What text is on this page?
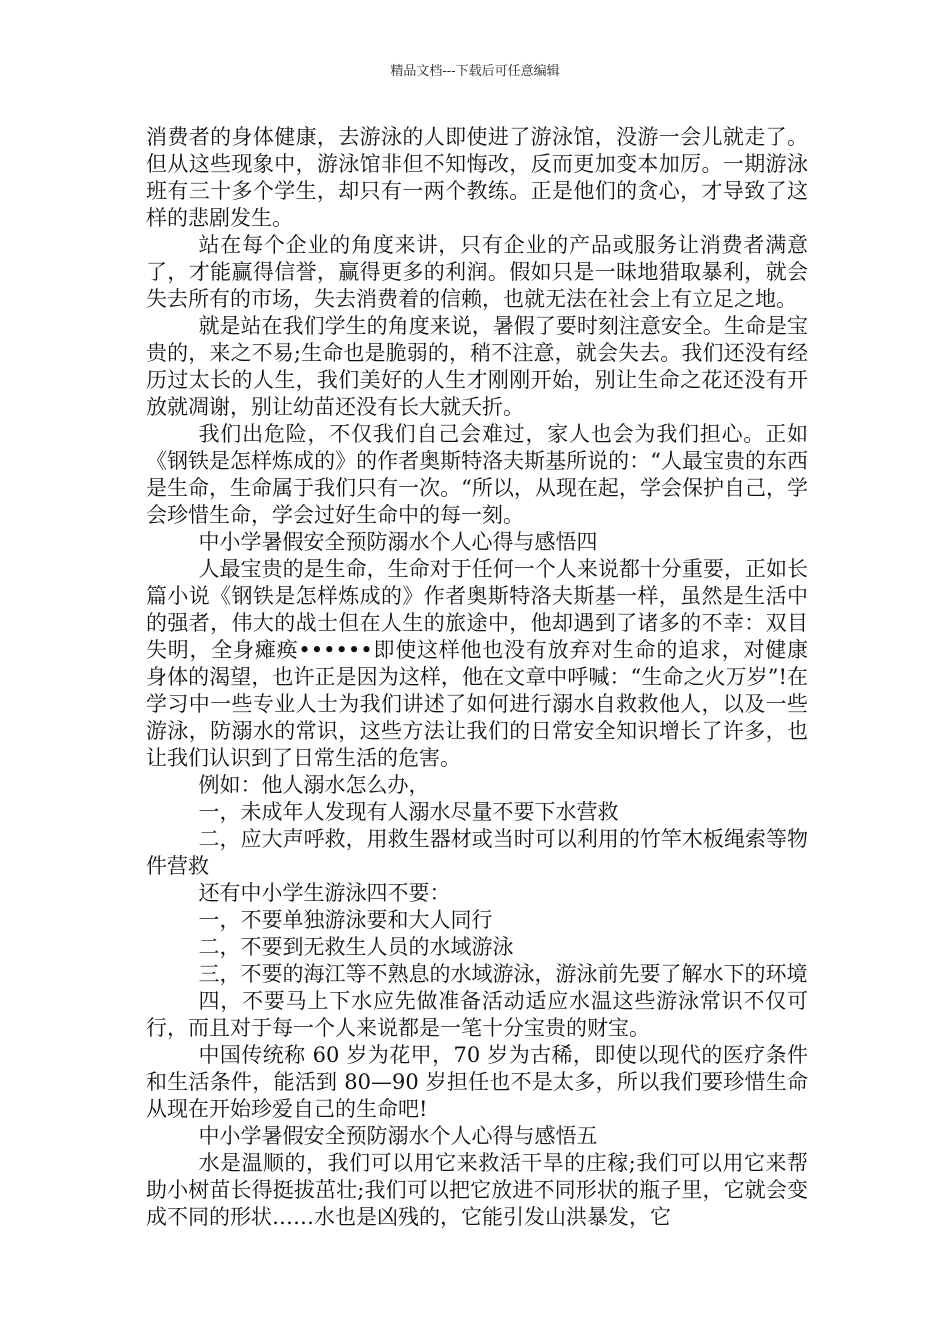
精品文档---下载后可任意编辑

消费者的身体健康，去游泳的人即使进了游泳馆，没游一会儿就走了。但从这些现象中，游泳馆非但不知悔改，反而更加变本加厉。一期游泳班有三十多个学生，却只有一两个教练。正是他们的贪心，才导致了这样的悲剧发生。

站在每个企业的角度来讲，只有企业的产品或服务让消费者满意了，才能赢得信誉，赢得更多的利润。假如只是一昧地猎取暴利，就会失去所有的市场，失去消费着的信赖，也就无法在社会上有立足之地。

就是站在我们学生的角度来说，暑假了要时刻注意安全。生命是宝贵的，来之不易;生命也是脆弱的，稍不注意，就会失去。我们还没有经历过太长的人生，我们美好的人生才刚刚开始，别让生命之花还没有开放就凋谢，别让幼苗还没有长大就夭折。

我们出危险，不仅我们自己会难过，家人也会为我们担心。正如《钢铁是怎样炼成的》的作者奥斯特洛夫斯基所说的：“人最宝贵的东西是生命，生命属于我们只有一次。“所以，从现在起，学会保护自己，学会珍惜生命，学会过好生命中的每一刻。

中小学暑假安全预防溺水个人心得与感悟四

人最宝贵的是生命，生命对于任何一个人来说都十分重要，正如长篇小说《钢铁是怎样炼成的》作者奥斯特洛夫斯基一样，虽然是生活中的强者，伟大的战士但在人生的旅途中，他却遇到了诸多的不幸：双目失明，全身瘫痪••••••即使这样他也没有放弃对生命的追求，对健康身体的渴望，也许正是因为这样，他在文章中呼喊：“生命之火万岁”!在学习中一些专业人士为我们讲述了如何进行溺水自救救他人，以及一些游泳，防溺水的常识，这些方法让我们的日常安全知识增长了许多，也让我们认识到了日常生活的危害。

例如：他人溺水怎么办，

一，未成年人发现有人溺水尽量不要下水营救

二，应大声呼救，用救生器材或当时可以利用的竹竿木板绳索等物件营救

还有中小学生游泳四不要：

一，不要单独游泳要和大人同行

二，不要到无救生人员的水域游泳

三，不要的海江等不熟息的水域游泳，游泳前先要了解水下的环境

四，不要马上下水应先做准备活动适应水温这些游泳常识不仅可行，而且对于每一个人来说都是一笔十分宝贵的财宝。

中国传统称 60 岁为花甲，70 岁为古稀，即使以现代的医疗条件和生活条件，能活到 80—90 岁担任也不是太多，所以我们要珍惜生命从现在开始珍爱自己的生命吧!

中小学暑假安全预防溺水个人心得与感悟五

水是温顺的，我们可以用它来救活干旱的庄稼;我们可以用它来帮助小树苗长得挺拔茁壮;我们可以把它放进不同形状的瓶子里，它就会变成不同的形状……水也是凶残的，它能引发山洪暴发，它
